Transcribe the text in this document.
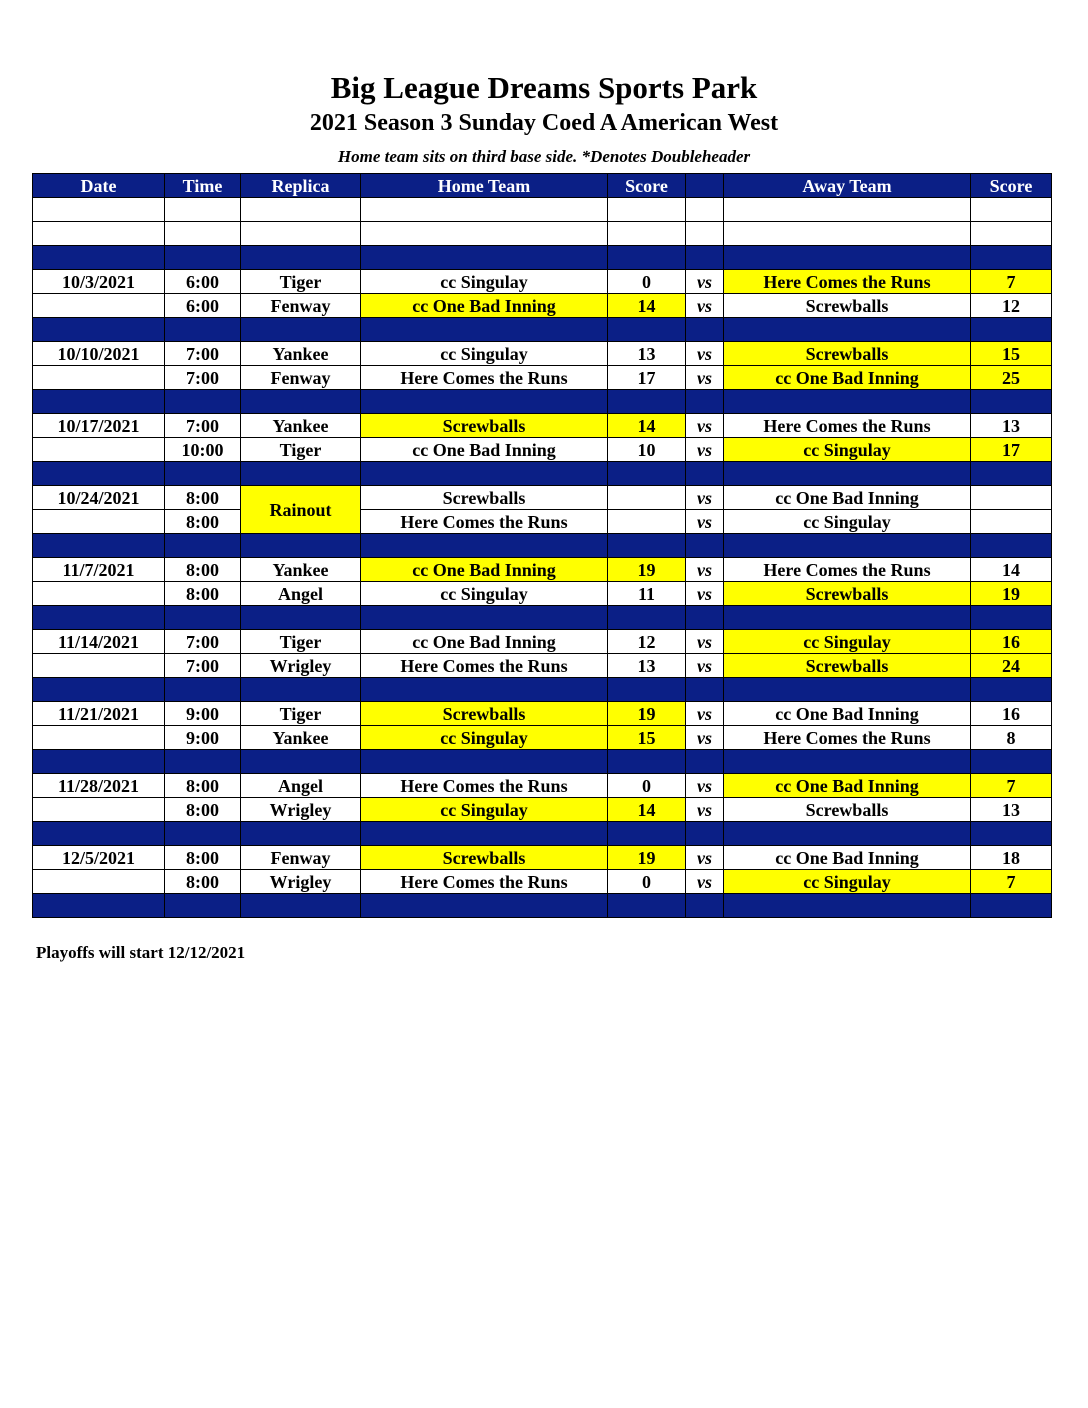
Big League Dreams Sports Park
2021 Season 3 Sunday Coed A American West
Home team sits on third base side. *Denotes Doubleheader
Date	Time	Replica	Home Team	Score		Away Team	Score

10/3/2021	6:00	Tiger	cc Singulay	0	vs	Here Comes the Runs	7
	6:00	Fenway	cc One Bad Inning	14	vs	Screwballs	12

10/10/2021	7:00	Yankee	cc Singulay	13	vs	Screwballs	15
	7:00	Fenway	Here Comes the Runs	17	vs	cc One Bad Inning	25

10/17/2021	7:00	Yankee	Screwballs	14	vs	Here Comes the Runs	13
	10:00	Tiger	cc One Bad Inning	10	vs	cc Singulay	17

10/24/2021	8:00	Rainout	Screwballs		vs	cc One Bad Inning	
	8:00		Here Comes the Runs		vs	cc Singulay	

11/7/2021	8:00	Yankee	cc One Bad Inning	19	vs	Here Comes the Runs	14
	8:00	Angel	cc Singulay	11	vs	Screwballs	19

11/14/2021	7:00	Tiger	cc One Bad Inning	12	vs	cc Singulay	16
	7:00	Wrigley	Here Comes the Runs	13	vs	Screwballs	24

11/21/2021	9:00	Tiger	Screwballs	19	vs	cc One Bad Inning	16
	9:00	Yankee	cc Singulay	15	vs	Here Comes the Runs	8

11/28/2021	8:00	Angel	Here Comes the Runs	0	vs	cc One Bad Inning	7
	8:00	Wrigley	cc Singulay	14	vs	Screwballs	13

12/5/2021	8:00	Fenway	Screwballs	19	vs	cc One Bad Inning	18
	8:00	Wrigley	Here Comes the Runs	0	vs	cc Singulay	7

Playoffs will start 12/12/2021
